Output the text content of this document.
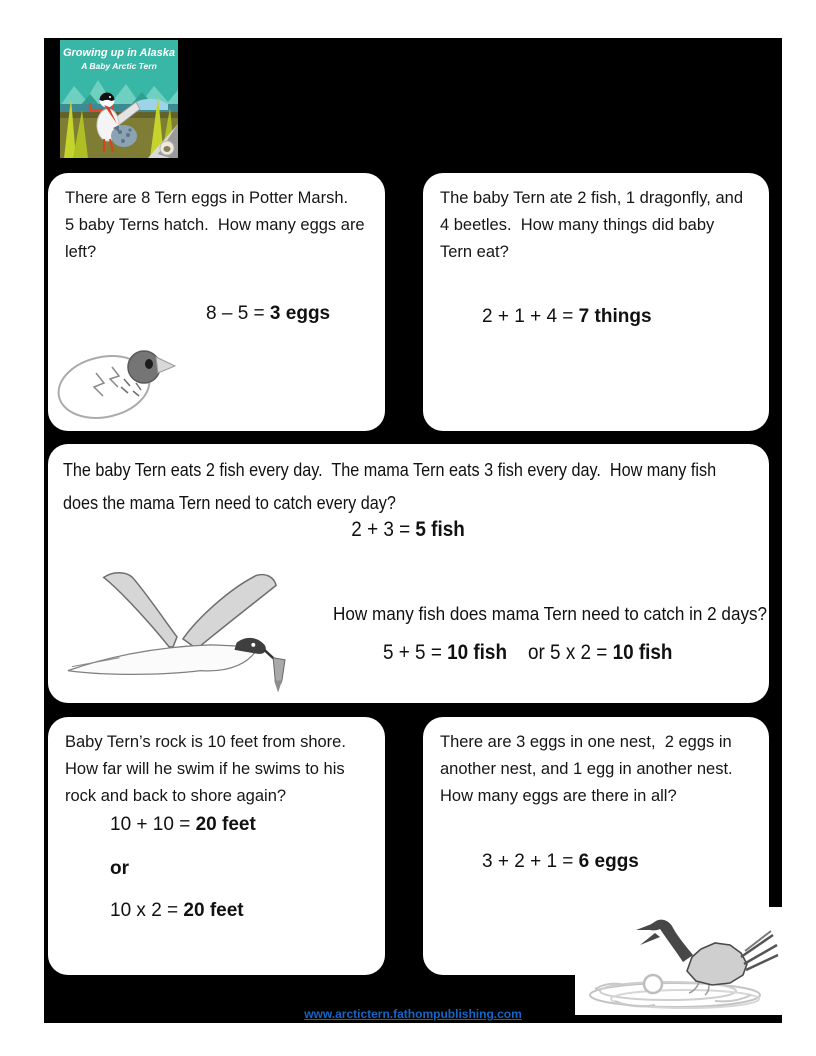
Growing up in Alaska
A Baby Arctic Tern
There are 8 Tern eggs in Potter Marsh.
5 baby Terns hatch.  How many eggs are
left?
8 – 5 = 3 eggs
The baby Tern ate 2 fish, 1 dragonfly, and
4 beetles.  How many things did baby
Tern eat?
2 + 1 + 4 = 7 things
The baby Tern eats 2 fish every day.  The mama Tern eats 3 fish every day.  How many fish
does the mama Tern need to catch every day?
2 + 3 = 5 fish

How many fish does mama Tern need to catch in 2 days?

5 + 5 = 10 fish or 5 x 2 = 10 fish

Baby Tern’s rock is 10 feet from shore.
How far will he swim if he swims to his
rock and back to shore again?
10 + 10 = 20 feet
or
10 x 2 = 20 feet
There are 3 eggs in one nest,  2 eggs in
another nest, and 1 egg in another nest.
How many eggs are there in all?
3 + 2 + 1 = 6 eggs
www.arctictern.fathompublishing.com
